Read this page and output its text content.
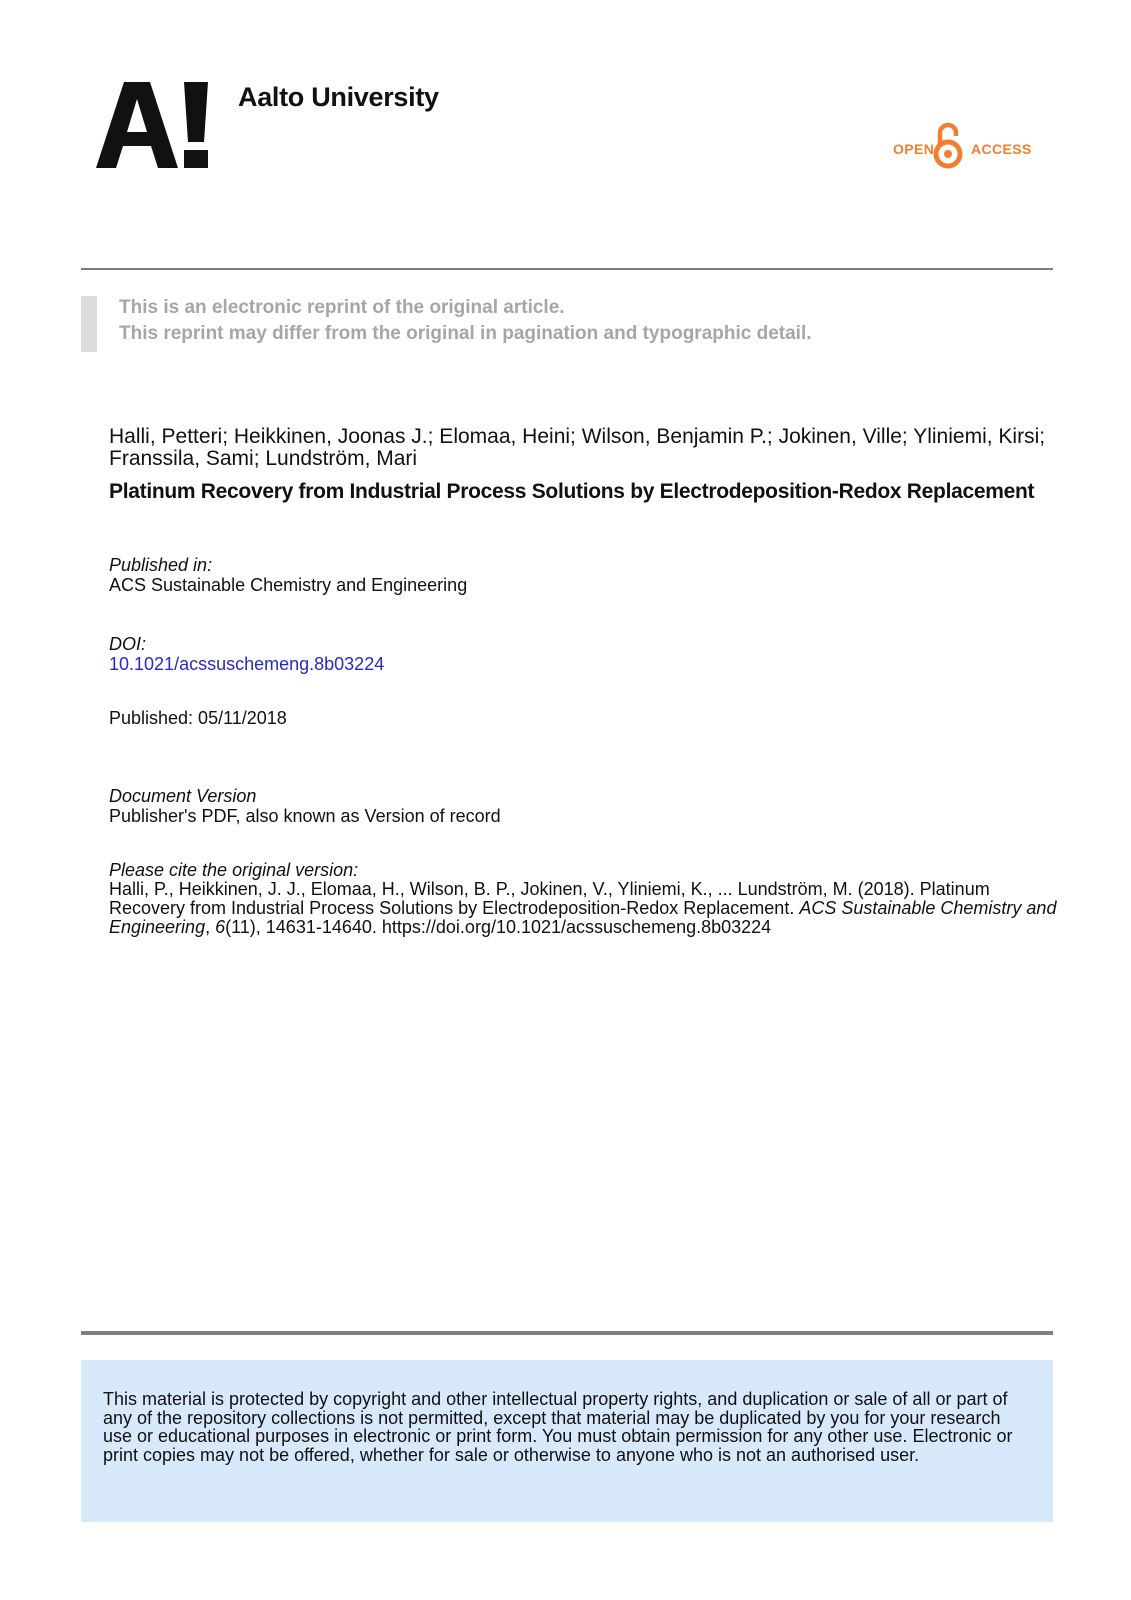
Aalto University
OPEN	ACCESS
This is an electronic reprint of the original article.
This reprint may differ from the original in pagination and typographic detail.
Halli, Petteri; Heikkinen, Joonas J.; Elomaa, Heini; Wilson, Benjamin P.; Jokinen, Ville; Yliniemi, Kirsi; Franssila, Sami; Lundström, Mari
Platinum Recovery from Industrial Process Solutions by Electrodeposition-Redox Replacement
Published in:
ACS Sustainable Chemistry and Engineering
DOI:
10.1021/acssuschemeng.8b03224
Published: 05/11/2018
Document Version
Publisher's PDF, also known as Version of record
Please cite the original version:
Halli, P., Heikkinen, J. J., Elomaa, H., Wilson, B. P., Jokinen, V., Yliniemi, K., ... Lundström, M. (2018). Platinum Recovery from Industrial Process Solutions by Electrodeposition-Redox Replacement. ACS Sustainable Chemistry and Engineering, 6(11), 14631-14640. https://doi.org/10.1021/acssuschemeng.8b03224
This material is protected by copyright and other intellectual property rights, and duplication or sale of all or part of any of the repository collections is not permitted, except that material may be duplicated by you for your research use or educational purposes in electronic or print form. You must obtain permission for any other use. Electronic or print copies may not be offered, whether for sale or otherwise to anyone who is not an authorised user.
